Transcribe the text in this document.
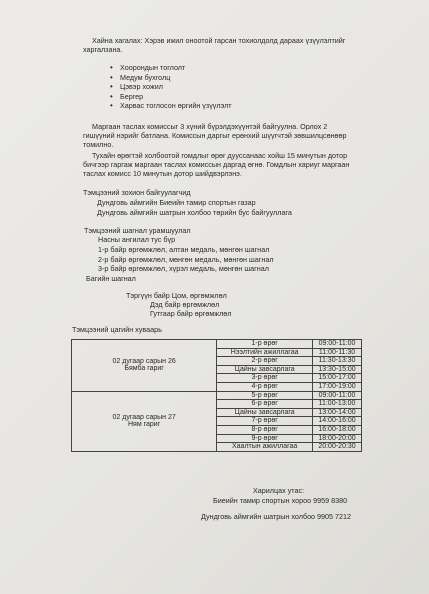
Хайна хагалах: Хэрэв ижил оноотой гарсан тохиолдолд дараах үзүүлэлтийг
харгалзана.
• Хоорондын тоглолт
• Медум бухголц
• Цэвэр хожил
• Бергер
• Харвас тоглосон өргийн үзүүлэлт
Маргаан таслах комиссыг 3 хүний бүрэлдэхүүнтэй байгуулна. Орлох 2
гишүүний нэрийг батлана. Комиссын даргыг ерөнхий шүүгчтэй зөвшилцсөнөөр
томилно.
Тухайн өрөгтэй холбоотой гомдлыг өрөг дууссанаас хойш 15 минутын дотор
бичгээр гаргаж маргаан таслах комиссын даргад өгнө. Гомдлын хариуг маргаан
таслах комисс 10 минутын дотор шийдвэрлэнэ.
Тэмцээний зохион байгуулагчид
Дундговь аймгийн Биеийн тамир спортын газар
Дундговь аймгийн шатрын холбоо төрийн бус байгууллага
Тэмцээний шагнал урамшуулал
Насны ангилал тус бүр
1-р байр өргөмжлөл, алтан медаль, мөнгөн шагнал
2-р байр өргөмжлөл, мөнгөн медаль, мөнгөн шагнал
3-р байр өргөмжлөл, хүрэл медаль, мөнгөн шагнал
Багийн шагнал
Тэргүүн байр Цом, өргөмжлөл
Дэд байр өргөмжлөл
Гутгаар байр өргөмжлөл
Тэмцээний цагийн хуваарь
02 дугаар сарын 26
Бямба гариг	1-р өрөг	09:00-11:00
	Нээлтийн ажиллагаа	11:00-11:30
	2-р өрөг	11:30-13:30
	Цайны завсарлага	13:30-15:00
	3-р өрөг	15:00-17:00
	4-р өрөг	17:00-19:00

02 дугаар сарын 27
Ням гариг	5-р өрөг	09:00-11:00
	6-р өрөг	11:00-13:00
	Цайны завсарлага	13:00-14:00
	7-р өрөг	14:00-16:00
	8-р өрөг	16:00-18:00
	9-р өрөг	18:00-20:00
	Хаалтын ажиллагаа	20:00-20:30
Харилцах утас:
Биеийн тамир спортын хороо 9959 8380
Дундговь аймгийн шатрын холбоо 9905 7212
